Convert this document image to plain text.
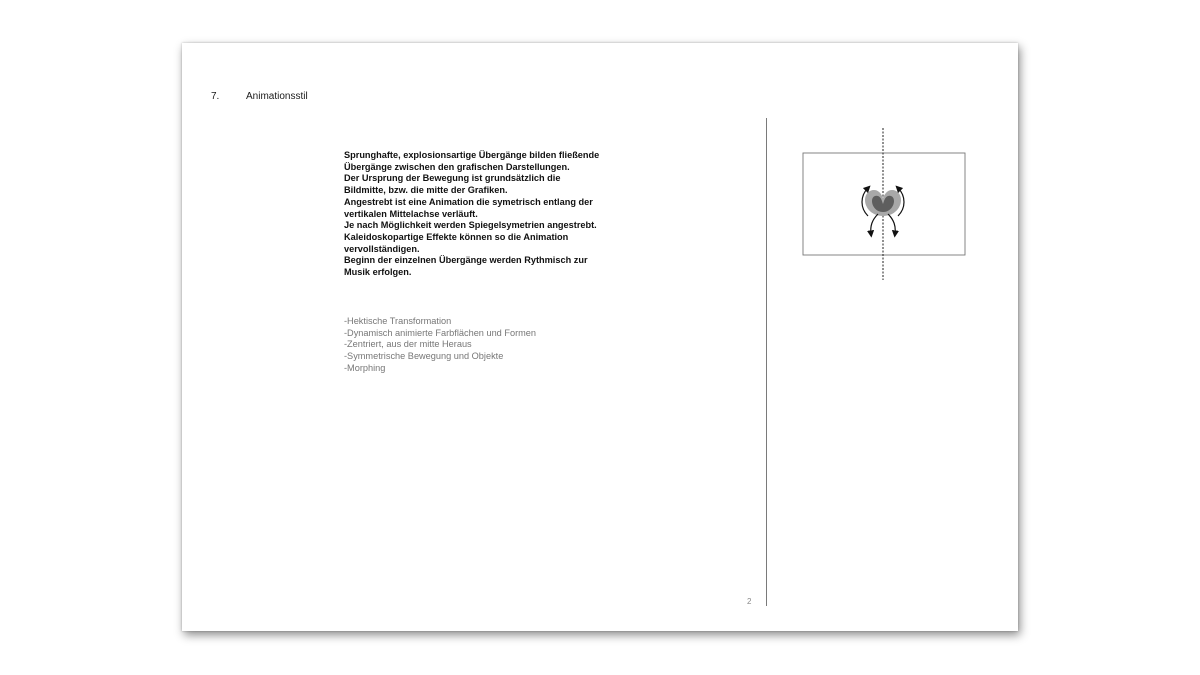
7.	Animationsstil
Sprunghafte, explosionsartige Übergänge bilden fließende
Übergänge zwischen den grafischen Darstellungen.
Der Ursprung der Bewegung ist grundsätzlich die
Bildmitte, bzw. die mitte der Grafiken.
Angestrebt ist eine Animation die symetrisch entlang der
vertikalen Mittelachse verläuft.
Je nach Möglichkeit werden Spiegelsymetrien angestrebt.
Kaleidoskopartige Effekte können so die Animation
vervollständigen.
Beginn der einzelnen Übergänge werden Rythmisch zur
Musik erfolgen.
-Hektische Transformation
-Dynamisch animierte Farbflächen und Formen
-Zentriert, aus der mitte Heraus
-Symmetrische Bewegung und Objekte
-Morphing
2
